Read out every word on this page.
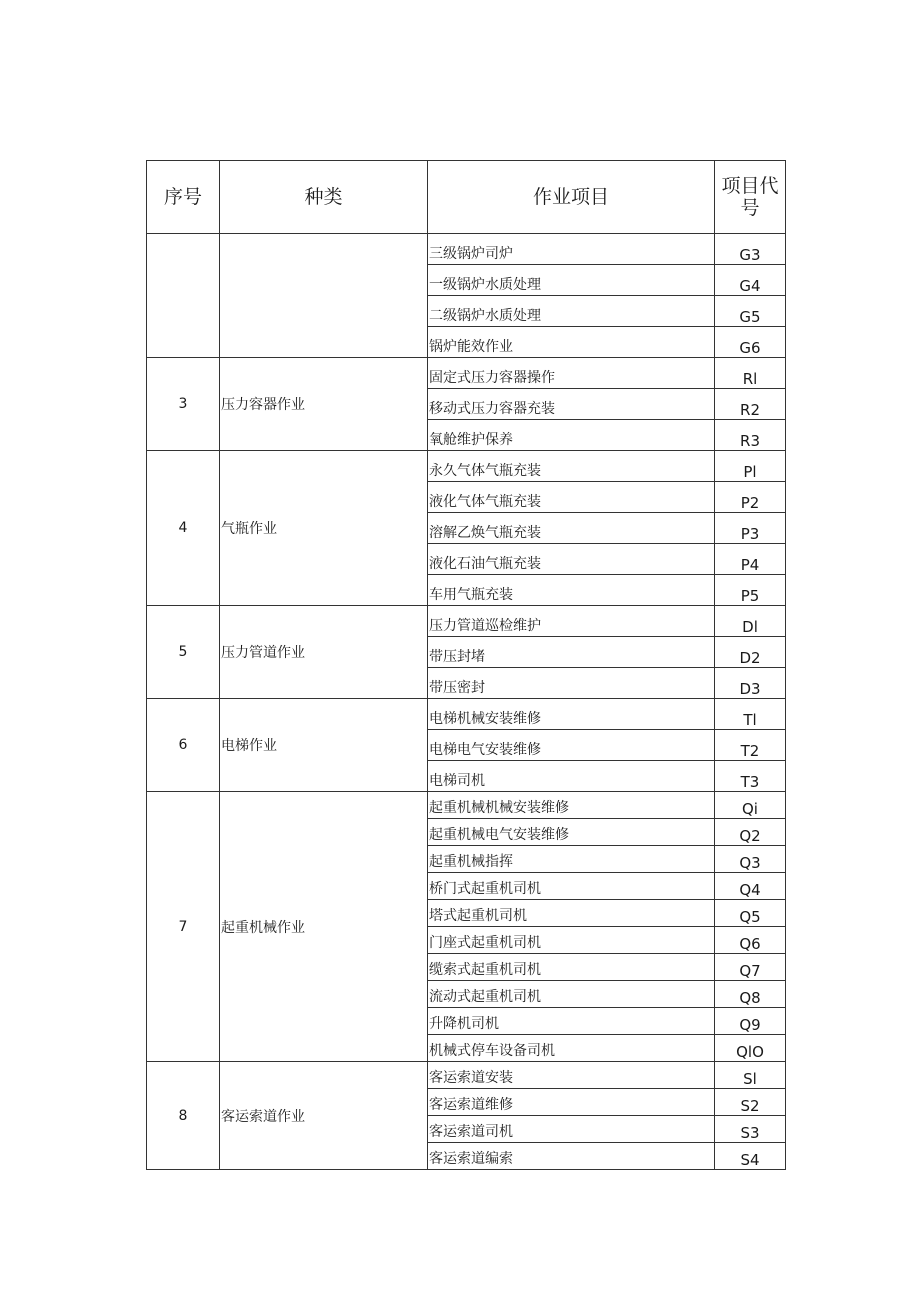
序号	种类	作业项目	项目代号
		三级锅炉司炉	G3
		一级锅炉水质处理	G4
		二级锅炉水质处理	G5
		锅炉能效作业	G6
3	压力容器作业	固定式压力容器操作	Rl
		移动式压力容器充装	R2
		氧舱维护保养	R3
4	气瓶作业	永久气体气瓶充装	Pl
		液化气体气瓶充装	P2
		溶解乙焕气瓶充装	P3
		液化石油气瓶充装	P4
		车用气瓶充装	P5
5	压力管道作业	压力管道巡检维护	Dl
		带压封堵	D2
		带压密封	D3
6	电梯作业	电梯机械安装维修	Tl
		电梯电气安装维修	T2
		电梯司机	T3
7	起重机械作业	起重机械机械安装维修	Qi
		起重机械电气安装维修	Q2
		起重机械指挥	Q3
		桥门式起重机司机	Q4
		塔式起重机司机	Q5
		门座式起重机司机	Q6
		缆索式起重机司机	Q7
		流动式起重机司机	Q8
		升降机司机	Q9
		机械式停车设备司机	QlO
8	客运索道作业	客运索道安装	Sl
		客运索道维修	S2
		客运索道司机	S3
		客运索道编索	S4
